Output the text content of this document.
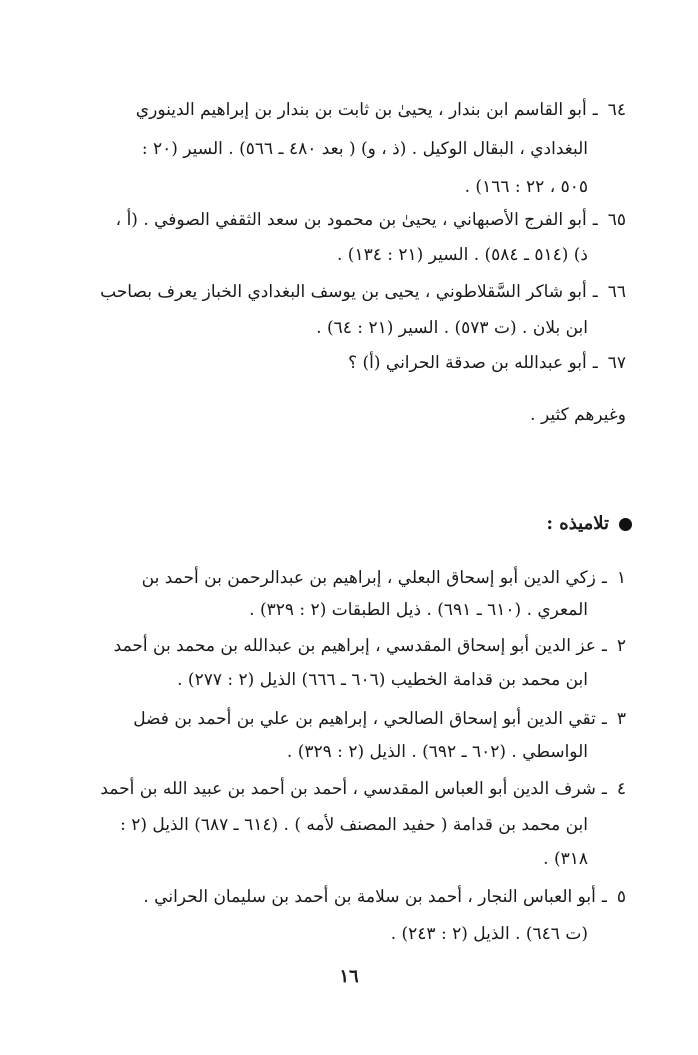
٦٤ـأبو القاسم ابن بندار ، يحيىٰ بن ثابت بن بندار بن إبراهيم الدينوري
البغدادي ، البقال الوكيل . (ذ ، و) ( بعد ٤٨٠ ـ ٥٦٦) . السير (٢٠ :
٥٠٥ ، ٢٢ : ١٦٦) .
٦٥ـأبو الفرج الأصبهاني ، يحيىٰ بن محمود بن سعد الثقفي الصوفي . (أ ،
ذ) (٥١٤ ـ ٥٨٤) . السير (٢١ : ١٣٤) .
٦٦ـأبو شاكر السَّقلاطوني ، يحيى بن يوسف البغدادي الخباز يعرف بصاحب
ابن بلان . (ت ٥٧٣) . السير (٢١ : ٦٤) .
٦٧ـأبو عبدالله بن صدقة الحراني (أ) ؟
وغيرهم كثير .
تلاميذه :
١ـزكي الدين أبو إسحاق البعلي ، إبراهيم بن عبدالرحمن بن أحمد بن
المعري . (٦١٠ ـ ٦٩١) . ذيل الطبقات (٢ : ٣٢٩) .
٢ـعز الدين أبو إسحاق المقدسي ، إبراهيم بن عبدالله بن محمد بن أحمد
ابن محمد بن قدامة الخطيب (٦٠٦ ـ ٦٦٦) الذيل (٢ : ٢٧٧) .
٣ـتقي الدين أبو إسحاق الصالحي ، إبراهيم بن علي بن أحمد بن فضل
الواسطي . (٦٠٢ ـ ٦٩٢) . الذيل (٢ : ٣٢٩) .
٤ـشرف الدين أبو العباس المقدسي ، أحمد بن أحمد بن عبيد الله بن أحمد
ابن محمد بن قدامة ( حفيد المصنف لأمه ) . (٦١٤ ـ ٦٨٧) الذيل (٢ :
٣١٨) .
٥ـأبو العباس النجار ، أحمد بن سلامة بن أحمد بن سليمان الحراني .
(ت ٦٤٦) . الذيل (٢ : ٢٤٣) .
١٦
